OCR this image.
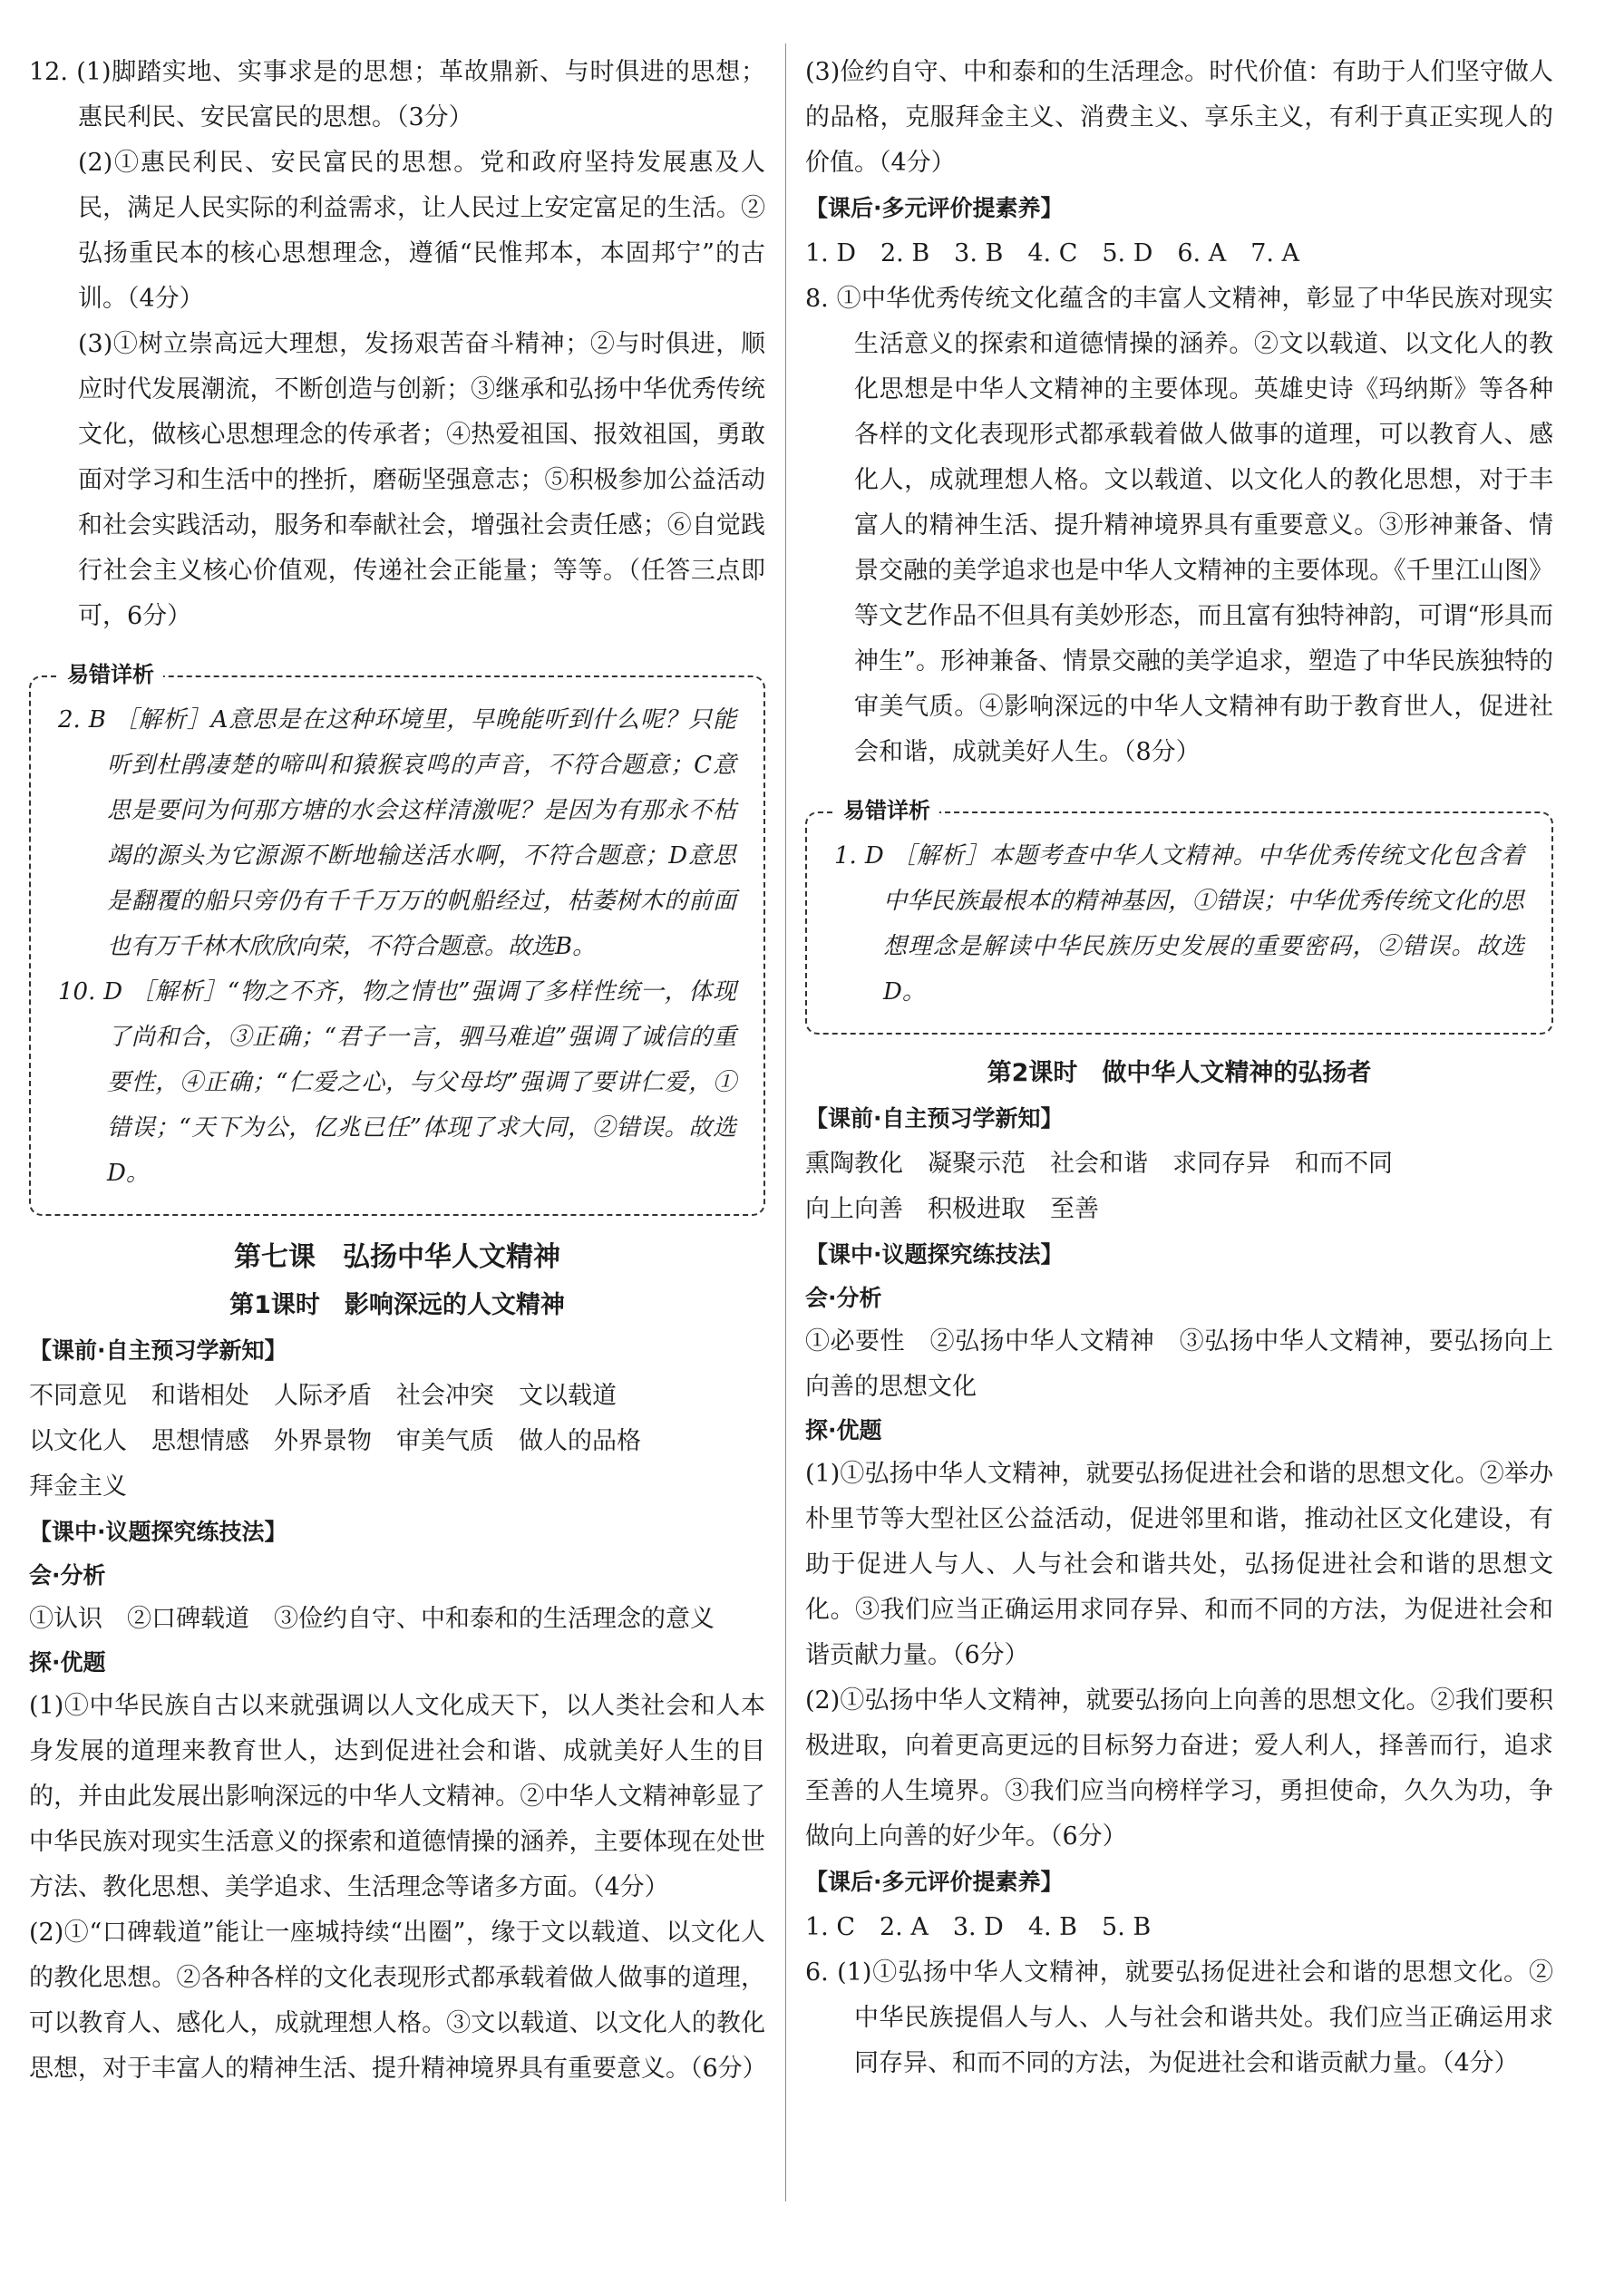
12. (1)脚踏实地、实事求是的思想；革故鼎新、与时俱进的思想；惠民利民、安民富民的思想。（3分）

(2)①惠民利民、安民富民的思想。党和政府坚持发展惠及人民，满足人民实际的利益需求，让人民过上安定富足的生活。②弘扬重民本的核心思想理念，遵循“民惟邦本，本固邦宁”的古训。（4分）

(3)①树立崇高远大理想，发扬艰苦奋斗精神；②与时俱进，顺应时代发展潮流，不断创造与创新；③继承和弘扬中华优秀传统文化，做核心思想理念的传承者；④热爱祖国、报效祖国，勇敢面对学习和生活中的挫折，磨砺坚强意志；⑤积极参加公益活动和社会实践活动，服务和奉献社会，增强社会责任感；⑥自觉践行社会主义核心价值观，传递社会正能量；等等。（任答三点即可，6分）

易错详析

2. B ［解析］A意思是在这种环境里，早晚能听到什么呢？只能听到杜鹃凄楚的啼叫和猿猴哀鸣的声音，不符合题意；C意思是要问为何那方塘的水会这样清激呢？是因为有那永不枯竭的源头为它源源不断地输送活水啊，不符合题意；D意思是翻覆的船只旁仍有千千万万的帆船经过，枯萎树木的前面也有万千林木欣欣向荣，不符合题意。故选B。

10. D ［解析］“物之不齐，物之情也”强调了多样性统一，体现了尚和合，③正确；“君子一言，驷马难追”强调了诚信的重要性，④正确；“仁爱之心，与父母均”强调了要讲仁爱，①错误；“天下为公，亿兆已任”体现了求大同，②错误。故选D。

第七课　弘扬中华人文精神

第1课时　影响深远的人文精神

【课前·自主预习学新知】

不同意见　和谐相处　人际矛盾　社会冲突　文以载道

以文化人　思想情感　外界景物　审美气质　做人的品格

拜金主义

【课中·议题探究练技法】

会·分析

①认识　②口碑载道　③俭约自守、中和泰和的生活理念的意义

探·优题

(1)①中华民族自古以来就强调以人文化成天下，以人类社会和人本身发展的道理来教育世人，达到促进社会和谐、成就美好人生的目的，并由此发展出影响深远的中华人文精神。②中华人文精神彰显了中华民族对现实生活意义的探索和道德情操的涵养，主要体现在处世方法、教化思想、美学追求、生活理念等诸多方面。（4分）

(2)①“口碑载道”能让一座城持续“出圈”，缘于文以载道、以文化人的教化思想。②各种各样的文化表现形式都承载着做人做事的道理，可以教育人、感化人，成就理想人格。③文以载道、以文化人的教化思想，对于丰富人的精神生活、提升精神境界具有重要意义。（6分）

(3)俭约自守、中和泰和的生活理念。时代价值：有助于人们坚守做人的品格，克服拜金主义、消费主义、享乐主义，有利于真正实现人的价值。（4分）

【课后·多元评价提素养】

1. D　2. B　3. B　4. C　5. D　6. A　7. A

8. ①中华优秀传统文化蕴含的丰富人文精神，彰显了中华民族对现实生活意义的探索和道德情操的涵养。②文以载道、以文化人的教化思想是中华人文精神的主要体现。英雄史诗《玛纳斯》等各种各样的文化表现形式都承载着做人做事的道理，可以教育人、感化人，成就理想人格。文以载道、以文化人的教化思想，对于丰富人的精神生活、提升精神境界具有重要意义。③形神兼备、情景交融的美学追求也是中华人文精神的主要体现。《千里江山图》等文艺作品不但具有美妙形态，而且富有独特神韵，可谓“形具而神生”。形神兼备、情景交融的美学追求，塑造了中华民族独特的审美气质。④影响深远的中华人文精神有助于教育世人，促进社会和谐，成就美好人生。（8分）

易错详析

1. D ［解析］本题考查中华人文精神。中华优秀传统文化包含着中华民族最根本的精神基因，①错误；中华优秀传统文化的思想理念是解读中华民族历史发展的重要密码，②错误。故选D。

第2课时　做中华人文精神的弘扬者

【课前·自主预习学新知】

熏陶教化　凝聚示范　社会和谐　求同存异　和而不同

向上向善　积极进取　至善

【课中·议题探究练技法】

会·分析

①必要性　②弘扬中华人文精神　③弘扬中华人文精神，要弘扬向上向善的思想文化

探·优题

(1)①弘扬中华人文精神，就要弘扬促进社会和谐的思想文化。②举办朴里节等大型社区公益活动，促进邻里和谐，推动社区文化建设，有助于促进人与人、人与社会和谐共处，弘扬促进社会和谐的思想文化。③我们应当正确运用求同存异、和而不同的方法，为促进社会和谐贡献力量。（6分）

(2)①弘扬中华人文精神，就要弘扬向上向善的思想文化。②我们要积极进取，向着更高更远的目标努力奋进；爱人利人，择善而行，追求至善的人生境界。③我们应当向榜样学习，勇担使命，久久为功，争做向上向善的好少年。（6分）

【课后·多元评价提素养】

1. C　2. A　3. D　4. B　5. B

6. (1)①弘扬中华人文精神，就要弘扬促进社会和谐的思想文化。②中华民族提倡人与人、人与社会和谐共处。我们应当正确运用求同存异、和而不同的方法，为促进社会和谐贡献力量。（4分）
